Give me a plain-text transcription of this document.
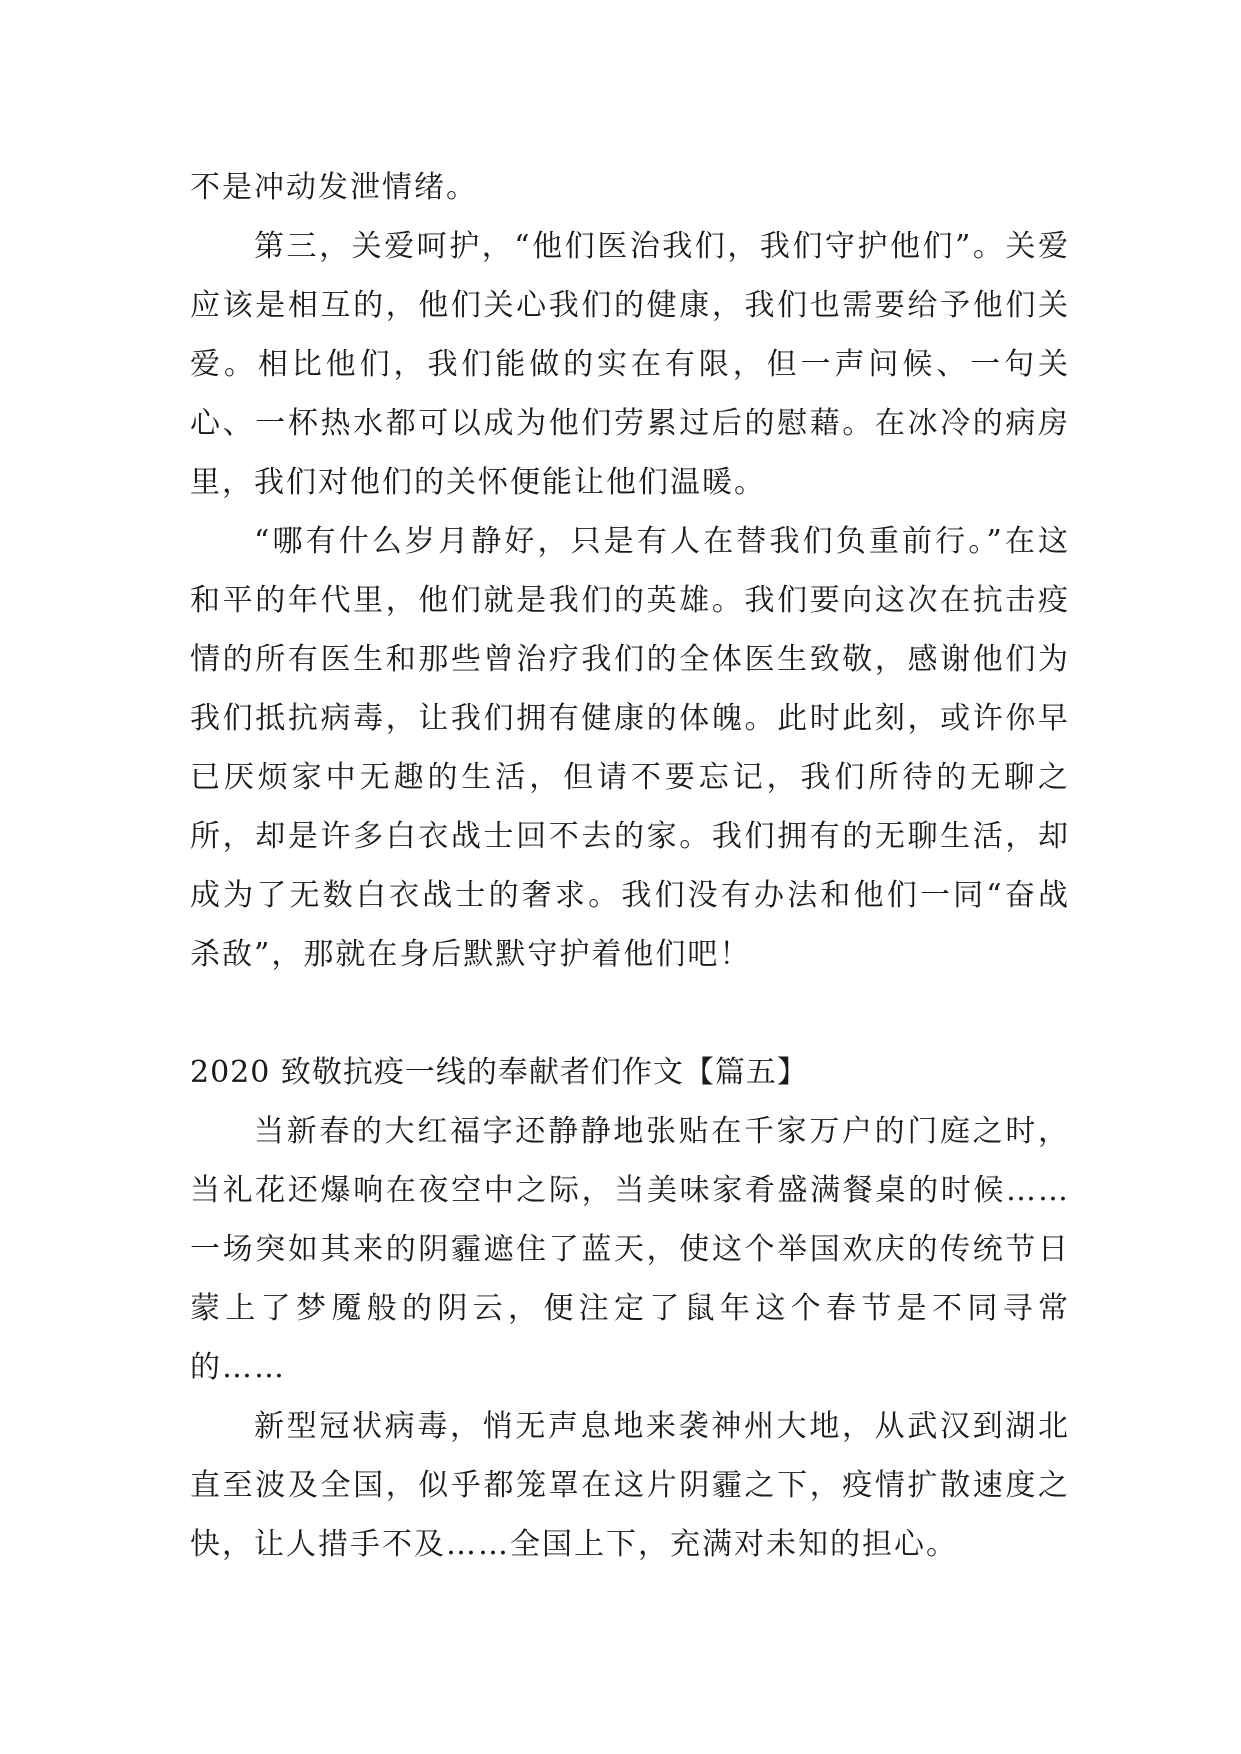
不是冲动发泄情绪。

第三，关爱呵护，“他们医治我们，我们守护他们”。关爱应该是相互的，他们关心我们的健康，我们也需要给予他们关爱。相比他们，我们能做的实在有限，但一声问候、一句关心、一杯热水都可以成为他们劳累过后的慰藉。在冰冷的病房里，我们对他们的关怀便能让他们温暖。

“哪有什么岁月静好，只是有人在替我们负重前行。”在这和平的年代里，他们就是我们的英雄。我们要向这次在抗击疫情的所有医生和那些曾治疗我们的全体医生致敬，感谢他们为我们抵抗病毒，让我们拥有健康的体魄。此时此刻，或许你早已厌烦家中无趣的生活，但请不要忘记，我们所待的无聊之所，却是许多白衣战士回不去的家。我们拥有的无聊生活，却成为了无数白衣战士的奢求。我们没有办法和他们一同“奋战杀敌”，那就在身后默默守护着他们吧！

2020 致敬抗疫一线的奉献者们作文【篇五】

当新春的大红福字还静静地张贴在千家万户的门庭之时，当礼花还爆响在夜空中之际，当美味家肴盛满餐桌的时候……一场突如其来的阴霾遮住了蓝天，使这个举国欢庆的传统节日蒙上了梦魇般的阴云，便注定了鼠年这个春节是不同寻常的……

新型冠状病毒，悄无声息地来袭神州大地，从武汉到湖北直至波及全国，似乎都笼罩在这片阴霾之下，疫情扩散速度之快，让人措手不及……全国上下，充满对未知的担心。
